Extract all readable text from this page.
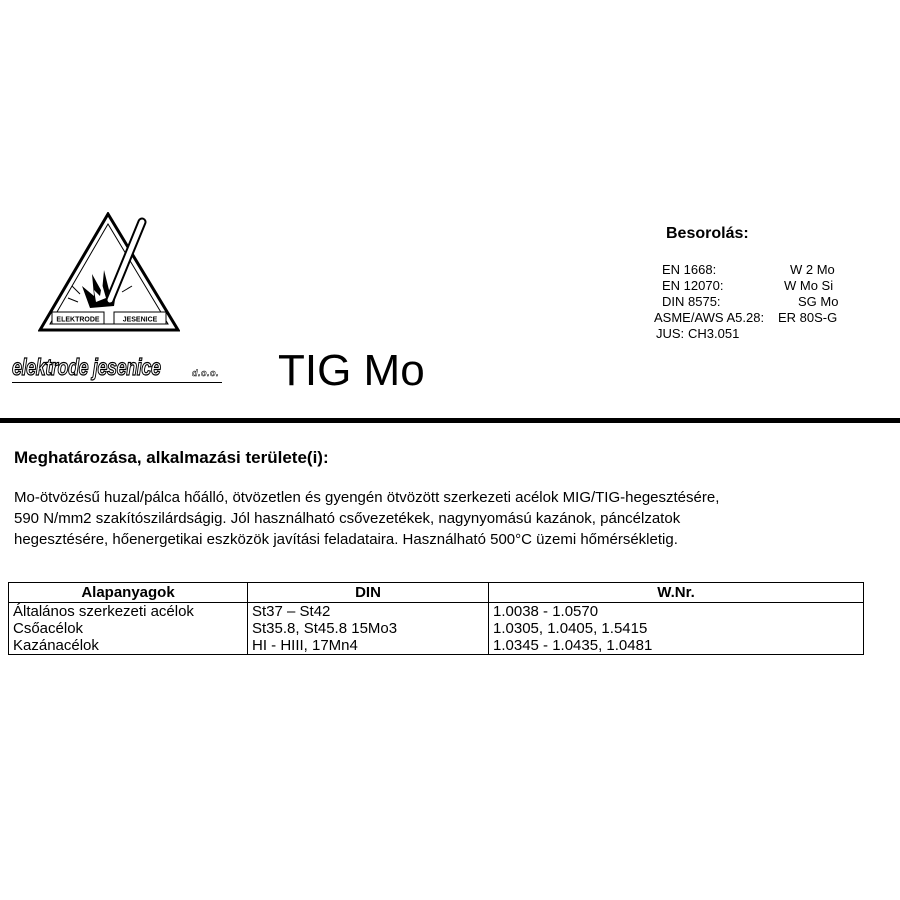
ELEKTRODE	JESENICE
elektrode jesenice	d.o.o. TIG Mo
Besorolás:
EN 1668:	W 2 Mo
EN 12070:	W Mo Si
DIN 8575:	SG Mo
ASME/AWS A5.28: ER 80S-G
JUS: CH3.051
Meghatározása, alkalmazási területe(i):
Mo-ötvözésű huzal/pálca hőálló, ötvözetlen és gyengén ötvözött szerkezeti acélok MIG/TIG-hegesztésére,
590 N/mm2 szakítószilárdságig. Jól használható csővezetékek, nagynyomású kazánok, páncélzatok
hegesztésére, hőenergetikai eszközök javítási feladataira. Használható 500°C üzemi hőmérsékletig.
Alapanyagok	DIN	W.Nr.
Általános szerkezeti acélok	St37 – St42	1.0038 - 1.0570
Csőacélok	St35.8, St45.8 15Mo3	1.0305, 1.0405, 1.5415
Kazánacélok	HI - HIII, 17Mn4	1.0345 - 1.0435, 1.0481
